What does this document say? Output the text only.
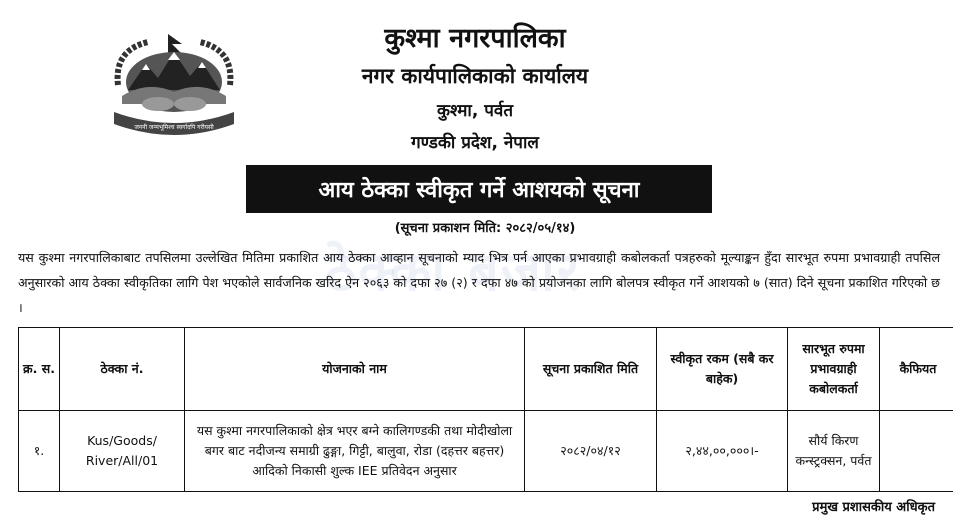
जननी जन्मभूमिश्च स्वर्गादपि गरीयसी
कुश्मा नगरपालिका
नगर कार्यपालिकाको कार्यालय
कुश्मा, पर्वत
गण्डकी प्रदेश, नेपाल
आय ठेक्का स्वीकृत गर्ने आशयको सूचना
(सूचना प्रकाशन मिति: २०८२/०५/१४)
ठेक्का बजार

यस कुश्मा नगरपालिकाबाट तपसिलमा उल्लेखित मितिमा प्रकाशित आय ठेक्का आव्हान सूचनाको म्याद भित्र पर्न आएका प्रभावग्राही कबोलकर्ता पत्रहरुको मूल्याङ्कन हुँदा सारभूत रुपमा प्रभावग्राही तपसिल अनुसारको आय ठेक्का स्वीकृतिका लागि पेश भएकोले सार्वजनिक खरिद ऐन २०६३ को दफा २७ (२) र दफा ४७ को प्रयोजनका लागि बोलपत्र स्वीकृत गर्ने आशयको ७ (सात) दिने सूचना प्रकाशित गरिएको छ ।

क्र. स.	ठेक्का नं.	योजनाको नाम	सूचना प्रकाशित मिति	स्वीकृत रकम (सबै कर बाहेक)	सारभूत रुपमा प्रभावग्राही कबोलकर्ता	कैफियत
१.	Kus/Goods/ River/All/01	यस कुश्मा नगरपालिकाको क्षेत्र भएर बग्ने कालिगण्डकी तथा मोदीखोला बगर बाट नदीजन्य समाग्री ढुङ्गा, गिट्टी, बालुवा, रोडा (दहत्तर बहत्तर) आदिको निकासी शुल्क IEE प्रतिवेदन अनुसार	२०८२/०४/१२	२,४४,००,०००।-	सौर्य किरण कन्स्ट्रक्सन, पर्वत	
प्रमुख प्रशासकीय अधिकृत
